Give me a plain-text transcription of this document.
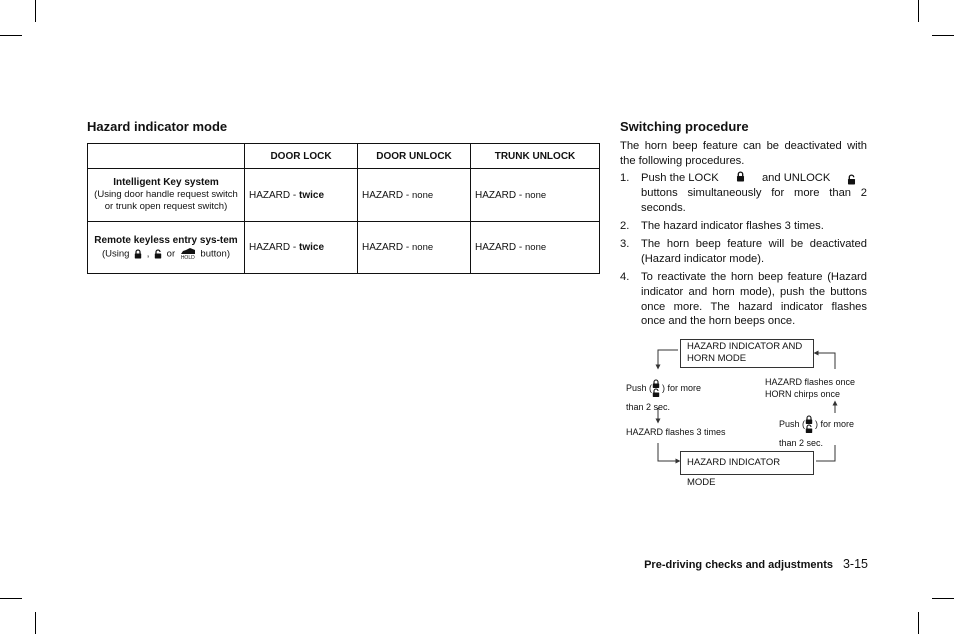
Hazard indicator mode
	DOOR LOCK	DOOR UNLOCK	TRUNK UNLOCK

Intelligent Key system
(Using door handle request switch or trunk open request switch)	HAZARD - twice	HAZARD - none	HAZARD - none

Remote keyless entry sys-tem
(Using , or HOLD button)	HAZARD - twice	HAZARD - none	HAZARD - none
Switching procedure
The horn beep feature can be deactivated with the following procedures.
1. Push the LOCK	and UNLOCK
buttons simultaneously for more than 2 seconds.
2. The hazard indicator flashes 3 times.
3. The horn beep feature will be deactivated (Hazard indicator mode).
4. To reactivate the horn beep feature (Hazard indicator and horn mode), push the buttons once more. The hazard indicator flashes once and the horn beeps once.
HAZARD INDICATOR AND
HORN MODE
HAZARD INDICATOR MODE
Push ( ) for more
than 2 sec.
HAZARD flashes 3 times
HAZARD flashes once
HORN chirps once
Push ( ) for more
than 2 sec.
Pre-driving checks and adjustments 3-15
